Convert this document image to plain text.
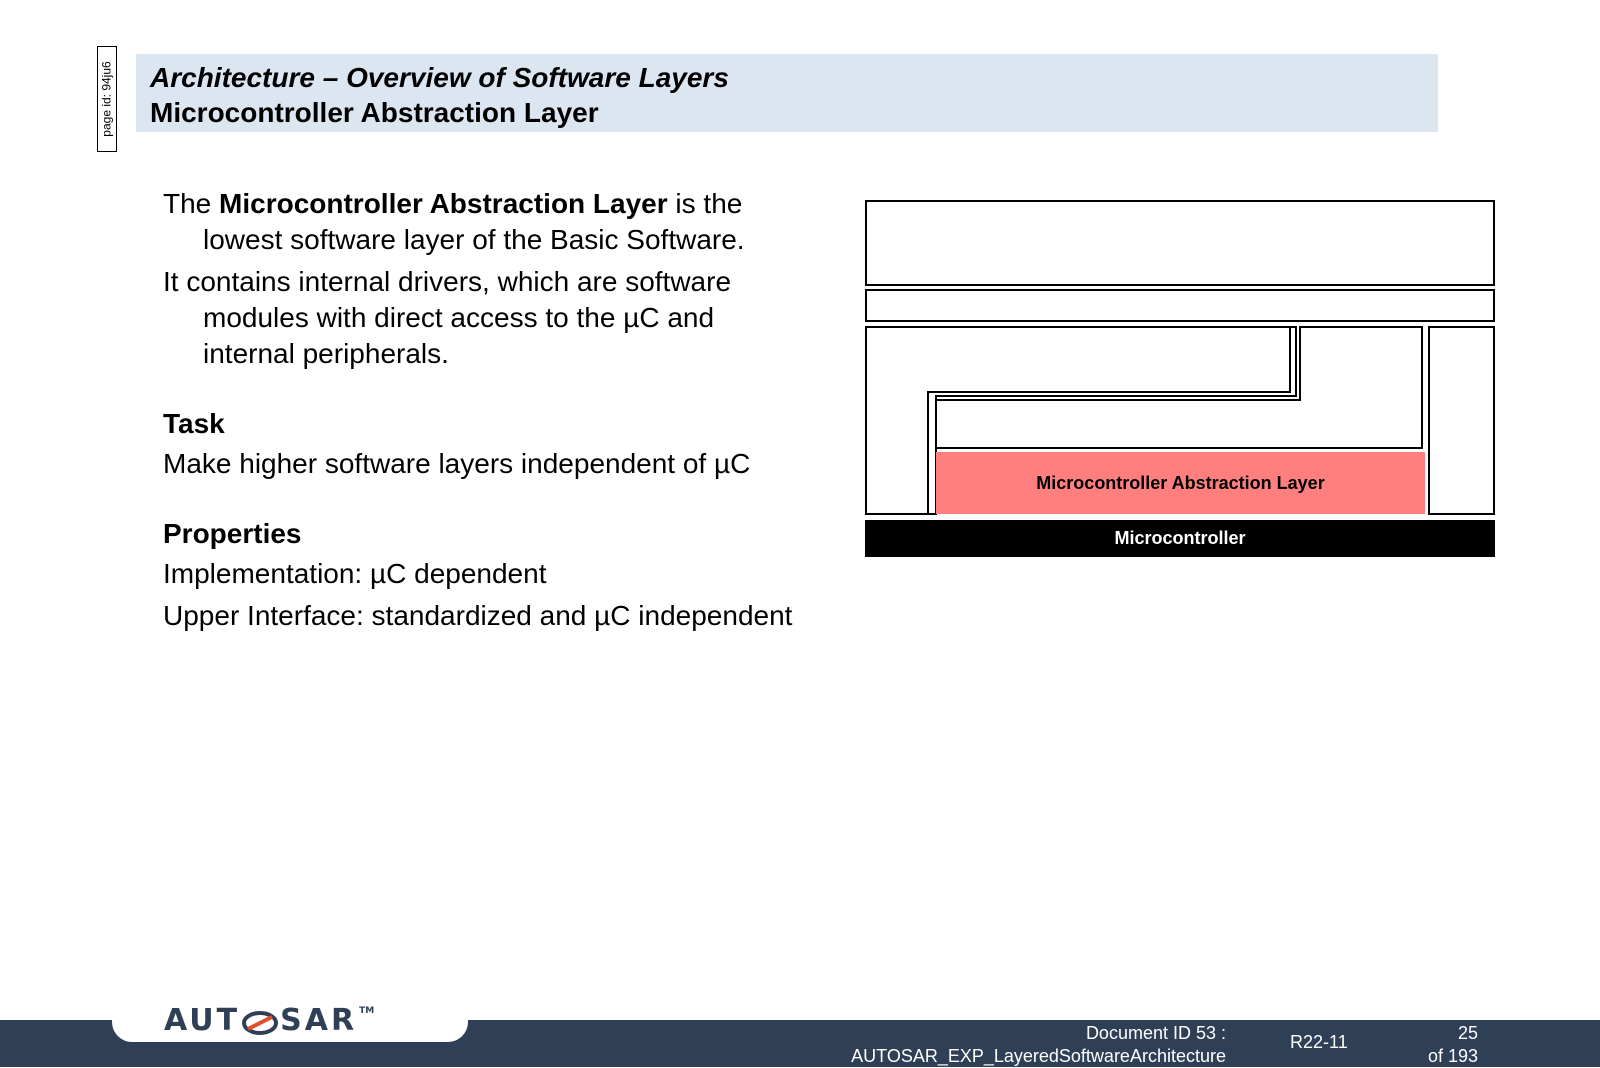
page id: 94ju6 Architecture – Overview of Software Layers
Microcontroller Abstraction Layer

The Microcontroller Abstraction Layer is the lowest software layer of the Basic Software.

It contains internal drivers, which are software modules with direct access to the µC and internal peripherals.

Task

Make higher software layers independent of µC

Properties

Implementation: µC dependent

Upper Interface: standardized and µC independent

Microcontroller Abstraction Layer
Microcontroller
AUT SAR TM
Document ID 53 :
AUTOSAR_EXP_LayeredSoftwareArchitecture
R22-11	25
of 193
